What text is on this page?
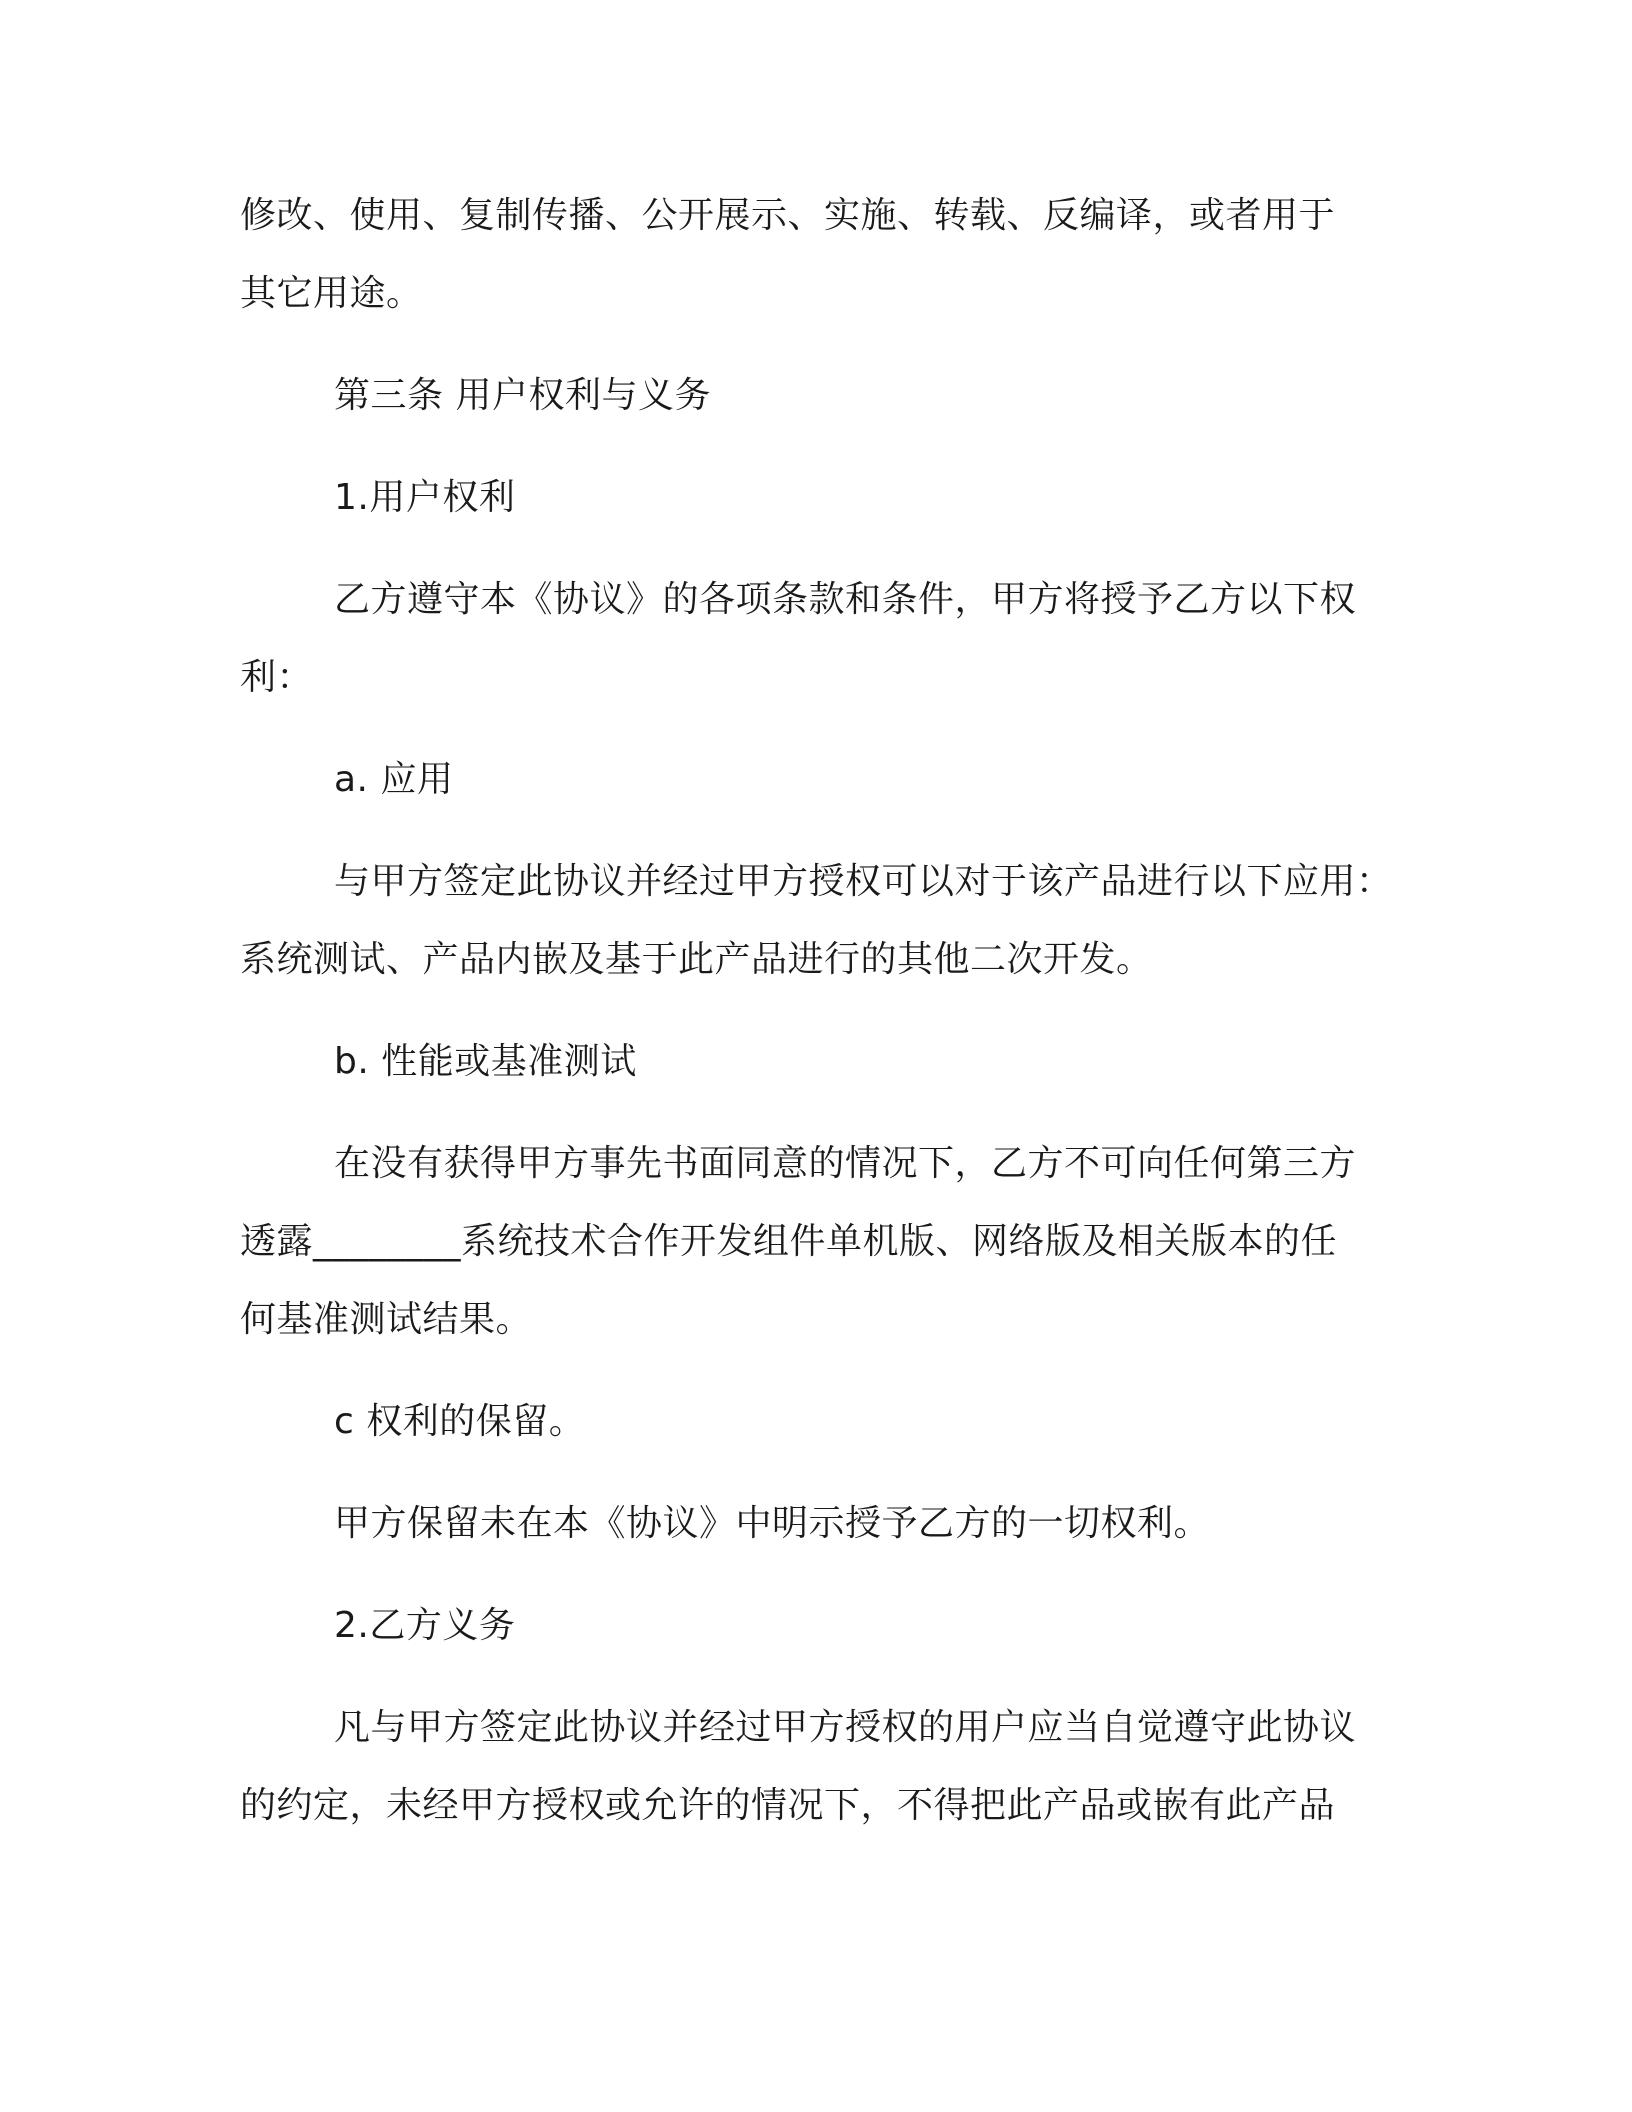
修改、使用、复制传播、公开展示、实施、转载、反编译，或者用于
其它用途。
第三条 用户权利与义务
1.用户权利
乙方遵守本《协议》的各项条款和条件，甲方将授予乙方以下权
利：
a. 应用
与甲方签定此协议并经过甲方授权可以对于该产品进行以下应用：
系统测试、产品内嵌及基于此产品进行的其他二次开发。
b. 性能或基准测试
在没有获得甲方事先书面同意的情况下，乙方不可向任何第三方
透露________系统技术合作开发组件单机版、网络版及相关版本的任
何基准测试结果。
c 权利的保留。
甲方保留未在本《协议》中明示授予乙方的一切权利。
2.乙方义务
凡与甲方签定此协议并经过甲方授权的用户应当自觉遵守此协议
的约定，未经甲方授权或允许的情况下，不得把此产品或嵌有此产品
